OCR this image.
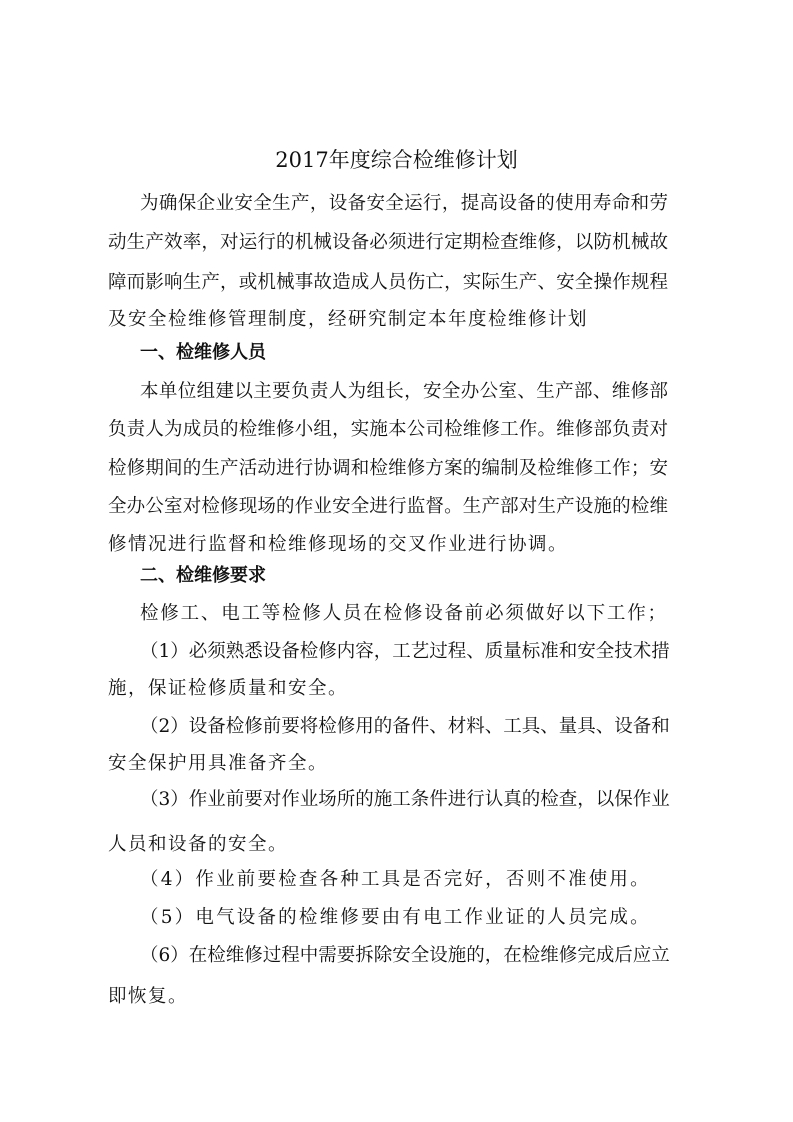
2017年度综合检维修计划
为确保企业安全生产，设备安全运行，提高设备的使用寿命和劳
动生产效率，对运行的机械设备必须进行定期检查维修，以防机械故
障而影响生产，或机械事故造成人员伤亡，实际生产、安全操作规程
及安全检维修管理制度，经研究制定本年度检维修计划
一、检维修人员
本单位组建以主要负责人为组长，安全办公室、生产部、维修部
负责人为成员的检维修小组，实施本公司检维修工作。维修部负责对
检修期间的生产活动进行协调和检维修方案的编制及检维修工作；安
全办公室对检修现场的作业安全进行监督。生产部对生产设施的检维
修情况进行监督和检维修现场的交叉作业进行协调。
二、检维修要求
检修工、电工等检修人员在检修设备前必须做好以下工作；
（1）必须熟悉设备检修内容，工艺过程、质量标准和安全技术措
施，保证检修质量和安全。
（2）设备检修前要将检修用的备件、材料、工具、量具、设备和
安全保护用具准备齐全。
（3）作业前要对作业场所的施工条件进行认真的检查，以保作业
人员和设备的安全。
（4）作业前要检查各种工具是否完好，否则不准使用。
（5）电气设备的检维修要由有电工作业证的人员完成。
（6）在检维修过程中需要拆除安全设施的，在检维修完成后应立
即恢复。
